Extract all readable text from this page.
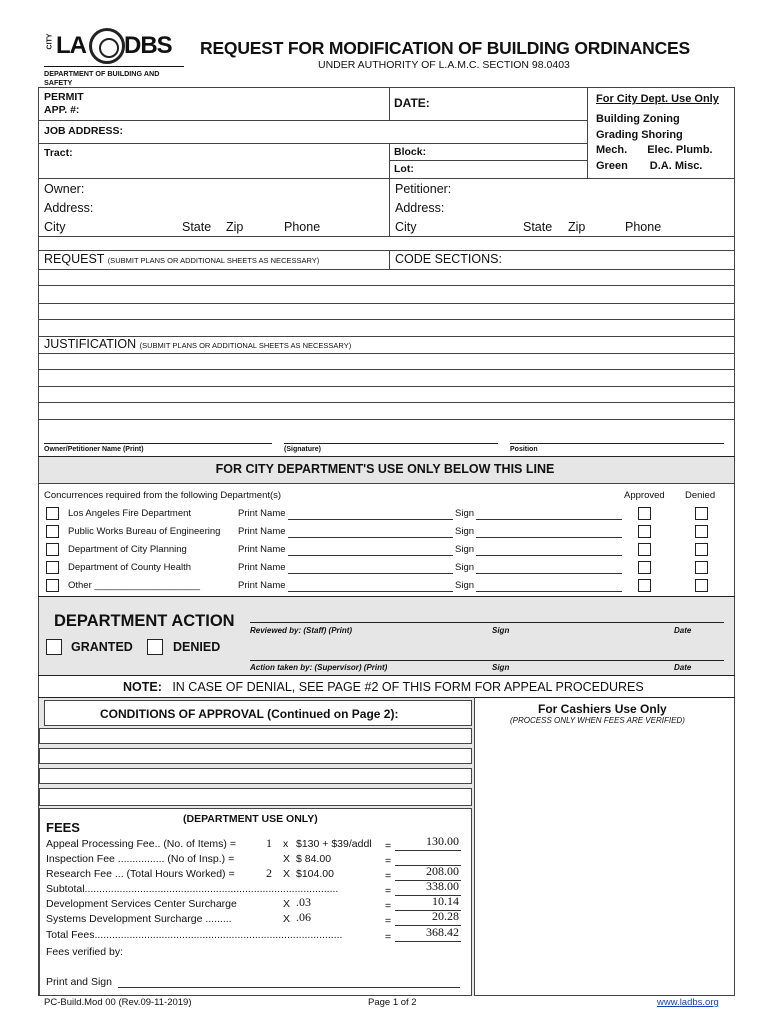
CITY LA DBS
DEPARTMENT OF BUILDING AND SAFETY
REQUEST FOR MODIFICATION OF BUILDING ORDINANCES
UNDER AUTHORITY OF L.A.M.C. SECTION 98.0403
PERMIT
APP. #:	DATE:
JOB ADDRESS:
Tract:	Block:
Lot:
For City Dept. Use Only
Building Zoning
Grading Shoring
Mech. Elec. Plumb.
Green D.A. Misc.
Owner:
Address:
City	State Zip	Phone
Petitioner:
Address:
City	State Zip	Phone
REQUEST (SUBMIT PLANS OR ADDITIONAL SHEETS AS NECESSARY)	CODE SECTIONS:
JUSTIFICATION (SUBMIT PLANS OR ADDITIONAL SHEETS AS NECESSARY)
Owner/Petitioner Name (Print)	(Signature)	Position
FOR CITY DEPARTMENT'S USE ONLY BELOW THIS LINE
Concurrences required from the following Department(s)	Approved Denied
Los Angeles Fire Department	Print Name	Sign
Public Works Bureau of Engineering Print Name	Sign
Department of City Planning	Print Name	Sign
Department of County Health	Print Name	Sign
Other ____________________	Print Name	Sign
DEPARTMENT ACTION
GRANTED	DENIED
Reviewed by: (Staff) (Print)	Sign	Date
Action taken by: (Supervisor) (Print)	Sign	Date
NOTE: IN CASE OF DENIAL, SEE PAGE #2 OF THIS FORM FOR APPEAL PROCEDURES
CONDITIONS OF APPROVAL (Continued on Page 2):
(DEPARTMENT USE ONLY)
FEES
Appeal Processing Fee.. (No. of Items) =	1 x $130 + $39/addl =	130.00
Inspection Fee ................ (No of Insp.) =	X $ 84.00	=
Research Fee ... (Total Hours Worked) =	2 X $104.00	=	208.00
Subtotal.......................................................................................	=	338.00
Development Services Center Surcharge	X .03	=	10.14
Systems Development Surcharge .........	X .06	=	20.28
Total Fees.....................................................................................	=	368.42
Fees verified by:
Print and Sign
For Cashiers Use Only
(PROCESS ONLY WHEN FEES ARE VERIFIED)
PC-Build.Mod 00 (Rev.09-11-2019)	Page 1 of 2	www.ladbs.org
